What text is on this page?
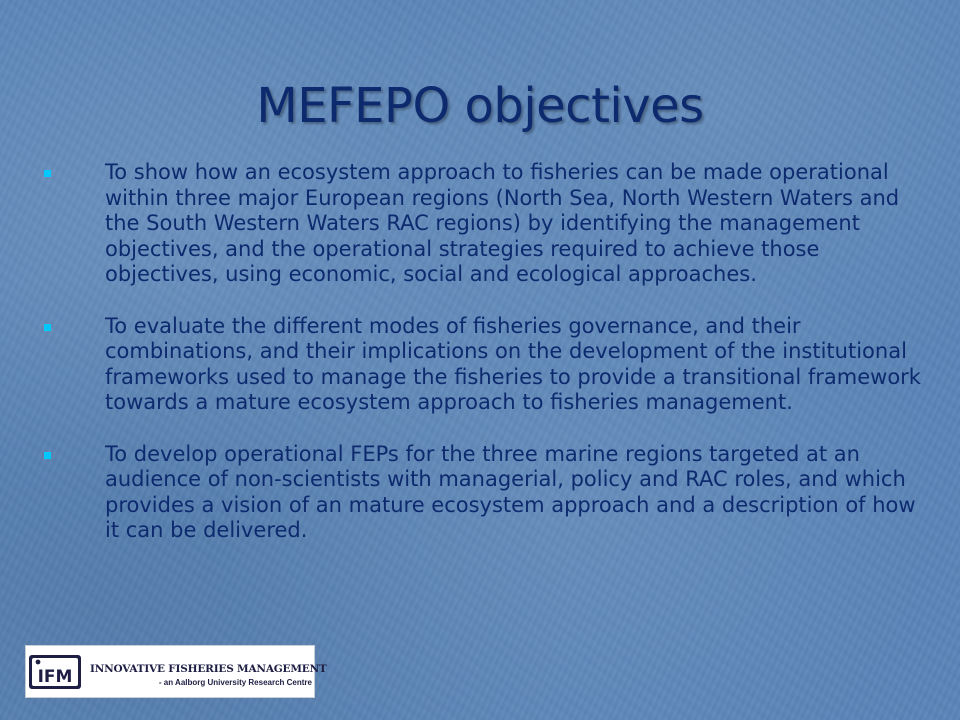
MEFEPO objectives

To show how an ecosystem approach to fisheries can be made operational within three major European regions (North Sea, North Western Waters and the South Western Waters RAC regions) by identifying the management objectives, and the operational strategies required to achieve those objectives, using economic, social and ecological approaches.

To evaluate the different modes of fisheries governance, and their combinations, and their implications on the development of the institutional frameworks used to manage the fisheries to provide a transitional framework towards a mature ecosystem approach to fisheries management.

To develop operational FEPs for the three marine regions targeted at an audience of non-scientists with managerial, policy and RAC roles, and which provides a vision of an mature ecosystem approach and a description of how it can be delivered.

IFM INNOVATIVE FISHERIES MANAGEMENT
- an Aalborg University Research Centre
